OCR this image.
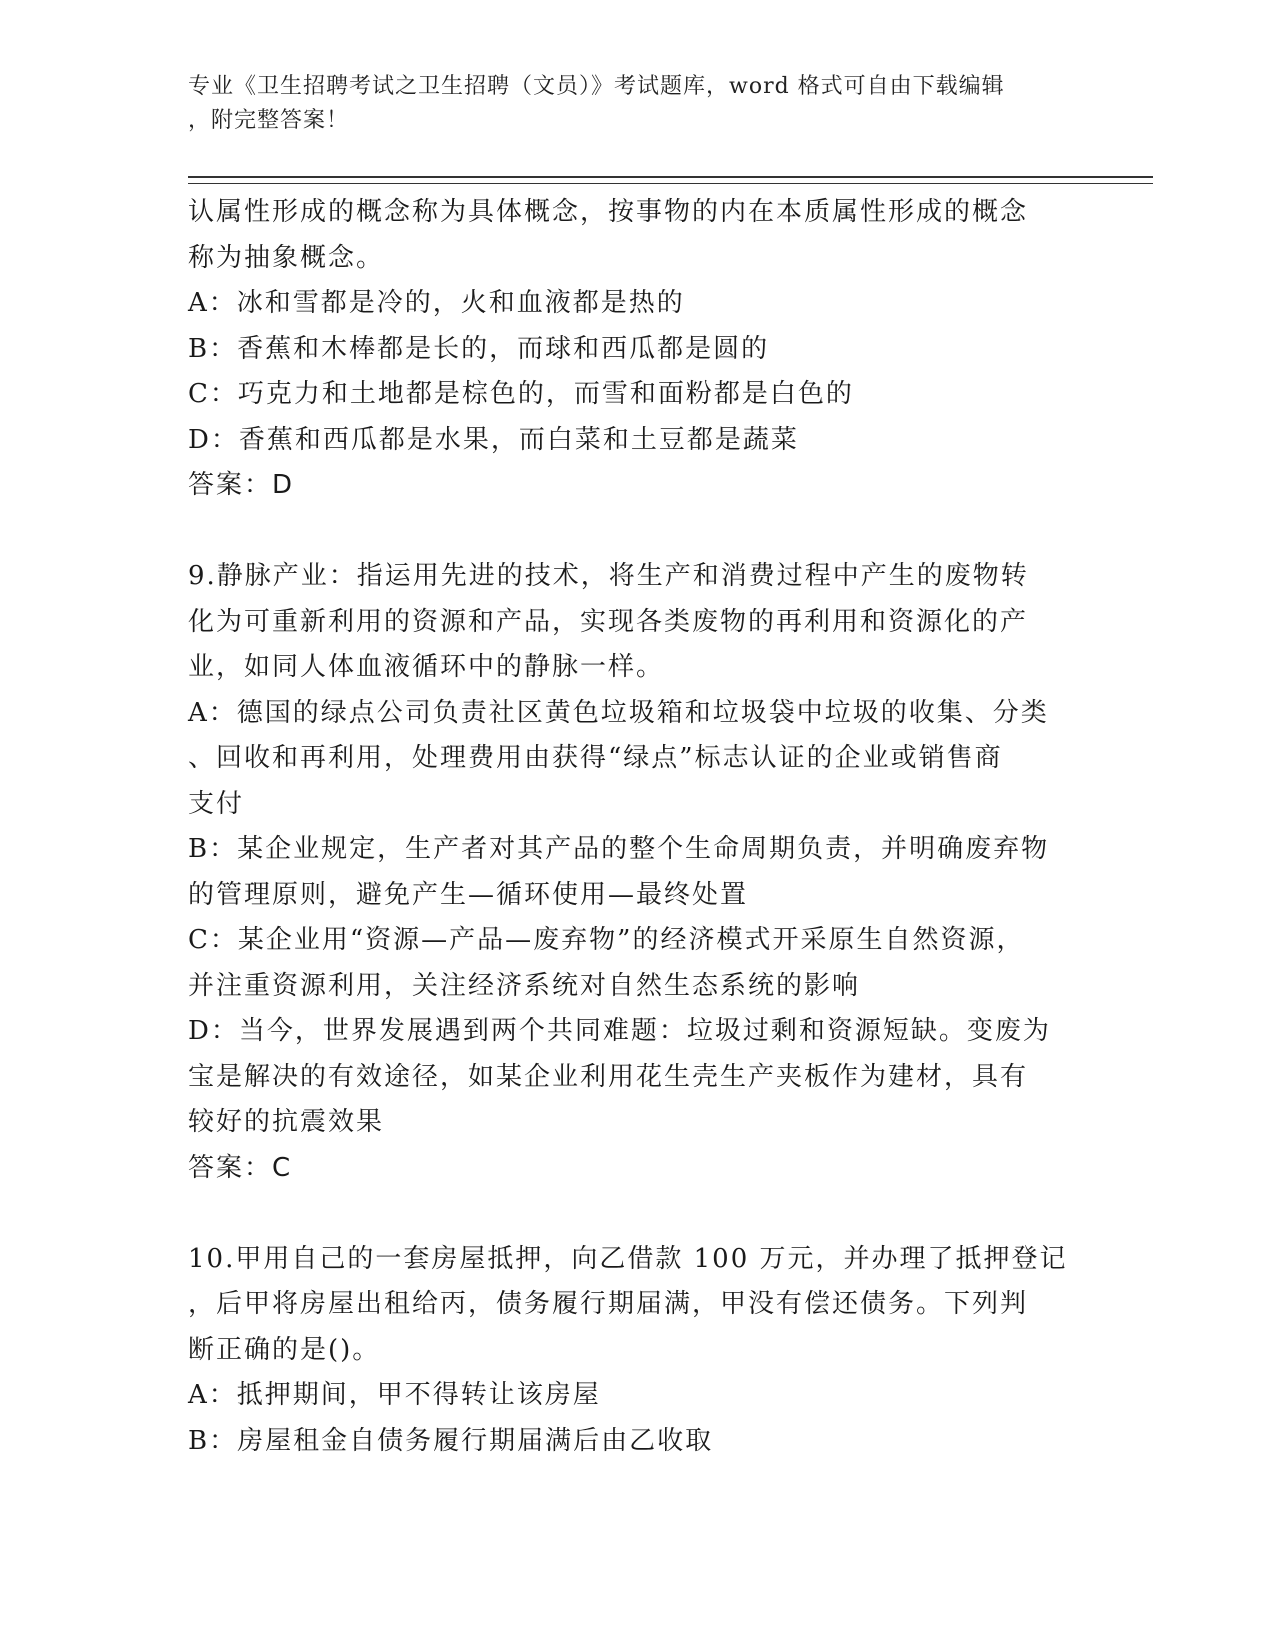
专业《卫生招聘考试之卫生招聘（文员）》考试题库，word 格式可自由下载编辑
，附完整答案！

认属性形成的概念称为具体概念，按事物的内在本质属性形成的概念

称为抽象概念。

A：冰和雪都是冷的，火和血液都是热的

B：香蕉和木棒都是长的，而球和西瓜都是圆的

C：巧克力和土地都是棕色的，而雪和面粉都是白色的

D：香蕉和西瓜都是水果，而白菜和土豆都是蔬菜

答案：D

9.静脉产业：指运用先进的技术，将生产和消费过程中产生的废物转

化为可重新利用的资源和产品，实现各类废物的再利用和资源化的产

业，如同人体血液循环中的静脉一样。

A：德国的绿点公司负责社区黄色垃圾箱和垃圾袋中垃圾的收集、分类

、回收和再利用，处理费用由获得“绿点”标志认证的企业或销售商

支付

B：某企业规定，生产者对其产品的整个生命周期负责，并明确废弃物

的管理原则，避免产生—循环使用—最终处置

C：某企业用“资源—产品—废弃物”的经济模式开采原生自然资源，

并注重资源利用，关注经济系统对自然生态系统的影响

D：当今，世界发展遇到两个共同难题：垃圾过剩和资源短缺。变废为

宝是解决的有效途径，如某企业利用花生壳生产夹板作为建材，具有

较好的抗震效果

答案：C

10.甲用自己的一套房屋抵押，向乙借款 100 万元，并办理了抵押登记

，后甲将房屋出租给丙，债务履行期届满，甲没有偿还债务。下列判

断正确的是()。

A：抵押期间，甲不得转让该房屋

B：房屋租金自债务履行期届满后由乙收取
